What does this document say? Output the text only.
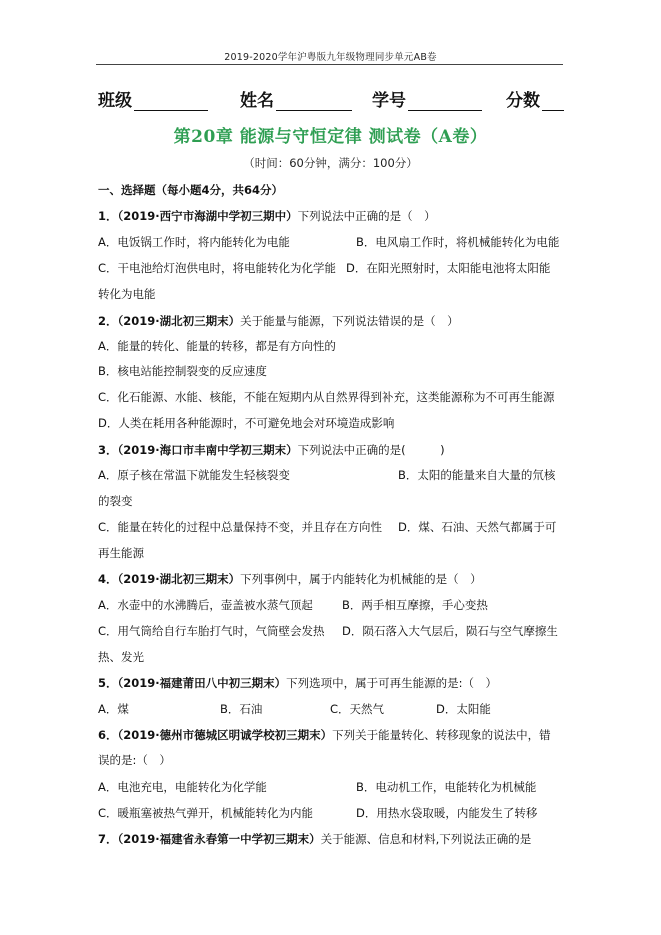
2019-2020学年沪粤版九年级物理同步单元AB卷
班级	姓名	学号	分数
第20章 能源与守恒定律 测试卷（A卷）
（时间：60分钟，满分：100分）
一、选择题（每小题4分，共64分）
1．（2019·西宁市海湖中学初三期中）下列说法中正确的是（　）
A．电饭锅工作时，将内能转化为电能	B．电风扇工作时，将机械能转化为电能
C．干电池给灯泡供电时，将电能转化为化学能 D．在阳光照射时，太阳能电池将太阳能
转化为电能
2．（2019·湖北初三期末）关于能量与能源，下列说法错误的是（　）
A．能量的转化、能量的转移，都是有方向性的
B．核电站能控制裂变的反应速度
C．化石能源、水能、核能，不能在短期内从自然界得到补充，这类能源称为不可再生能源
D．人类在耗用各种能源时，不可避免地会对环境造成影响
3．（2019·海口市丰南中学初三期末）下列说法中正确的是(　　　)
A．原子核在常温下就能发生轻核裂变	B．太阳的能量来自大量的氘核
的裂变
C．能量在转化的过程中总量保持不变，并且存在方向性 D．煤、石油、天然气都属于可
再生能源
4．（2019·湖北初三期末）下列事例中，属于内能转化为机械能的是（　）
A．水壶中的水沸腾后，壶盖被水蒸气顶起	B．两手相互摩擦，手心变热
C．用气筒给自行车胎打气时，气筒壁会发热 D．陨石落入大气层后，陨石与空气摩擦生
热、发光
5．（2019·福建莆田八中初三期末）下列选项中，属于可再生能源的是:（　）
A．煤	B．石油	C．天然气	D．太阳能
6．（2019·德州市德城区明诚学校初三期末）下列关于能量转化、转移现象的说法中，错
误的是:（　）
A．电池充电，电能转化为化学能	B．电动机工作，电能转化为机械能
C．暖瓶塞被热气弹开，机械能转化为内能	D．用热水袋取暖，内能发生了转移
7．（2019·福建省永春第一中学初三期末）关于能源、信息和材料,下列说法正确的是
